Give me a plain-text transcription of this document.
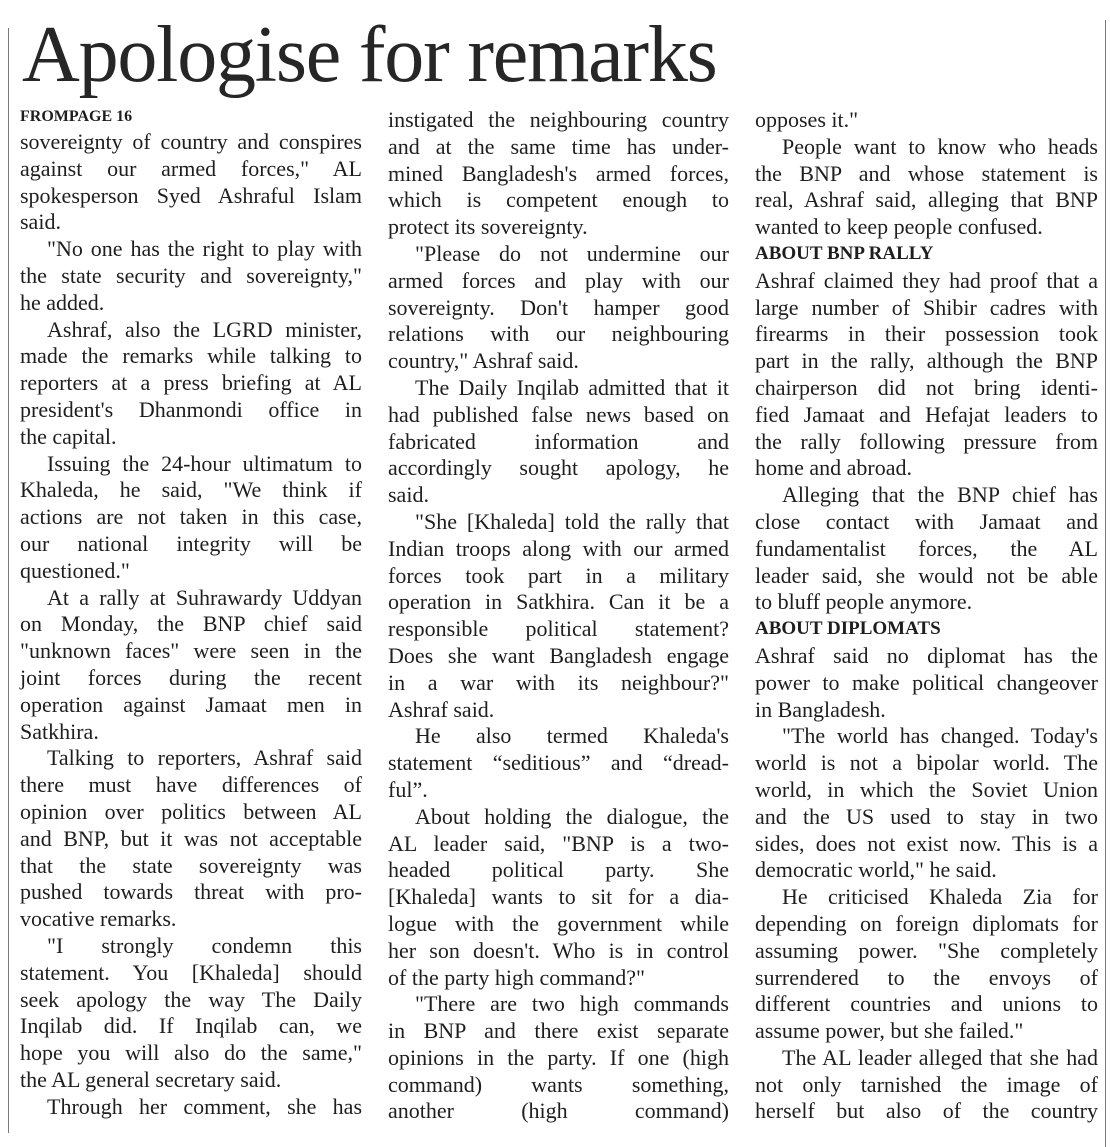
Apologise for remarks
FROMPAGE 16
sovereignty of country and conspires
against our armed forces," AL
spokesperson Syed Ashraful Islam
said.
"No one has the right to play with
the state security and sovereignty,"
he added.
Ashraf, also the LGRD minister,
made the remarks while talking to
reporters at a press briefing at AL
president's Dhanmondi office in
the capital.
Issuing the 24-hour ultimatum to
Khaleda, he said, "We think if
actions are not taken in this case,
our national integrity will be
questioned."
At a rally at Suhrawardy Uddyan
on Monday, the BNP chief said
"unknown faces" were seen in the
joint forces during the recent
operation against Jamaat men in
Satkhira.
Talking to reporters, Ashraf said
there must have differences of
opinion over politics between AL
and BNP, but it was not acceptable
that the state sovereignty was
pushed towards threat with pro-
vocative remarks.
"I strongly condemn this
statement. You [Khaleda] should
seek apology the way The Daily
Inqilab did. If Inqilab can, we
hope you will also do the same,"
the AL general secretary said.
Through her comment, she has
instigated the neighbouring country
and at the same time has under-
mined Bangladesh's armed forces,
which is competent enough to
protect its sovereignty.
"Please do not undermine our
armed forces and play with our
sovereignty. Don't hamper good
relations with our neighbouring
country," Ashraf said.
The Daily Inqilab admitted that it
had published false news based on
fabricated information and
accordingly sought apology, he
said.
"She [Khaleda] told the rally that
Indian troops along with our armed
forces took part in a military
operation in Satkhira. Can it be a
responsible political statement?
Does she want Bangladesh engage
in a war with its neighbour?"
Ashraf said.
He also termed Khaleda's
statement “seditious” and “dread-
ful”.
About holding the dialogue, the
AL leader said, "BNP is a two-
headed political party. She
[Khaleda] wants to sit for a dia-
logue with the government while
her son doesn't. Who is in control
of the party high command?"
"There are two high commands
in BNP and there exist separate
opinions in the party. If one (high
command) wants something,
another (high command)
opposes it."
People want to know who heads
the BNP and whose statement is
real, Ashraf said, alleging that BNP
wanted to keep people confused.
ABOUT BNP RALLY
Ashraf claimed they had proof that a
large number of Shibir cadres with
firearms in their possession took
part in the rally, although the BNP
chairperson did not bring identi-
fied Jamaat and Hefajat leaders to
the rally following pressure from
home and abroad.
Alleging that the BNP chief has
close contact with Jamaat and
fundamentalist forces, the AL
leader said, she would not be able
to bluff people anymore.
ABOUT DIPLOMATS
Ashraf said no diplomat has the
power to make political changeover
in Bangladesh.
"The world has changed. Today's
world is not a bipolar world. The
world, in which the Soviet Union
and the US used to stay in two
sides, does not exist now. This is a
democratic world," he said.
He criticised Khaleda Zia for
depending on foreign diplomats for
assuming power. "She completely
surrendered to the envoys of
different countries and unions to
assume power, but she failed."
The AL leader alleged that she had
not only tarnished the image of
herself but also of the country
